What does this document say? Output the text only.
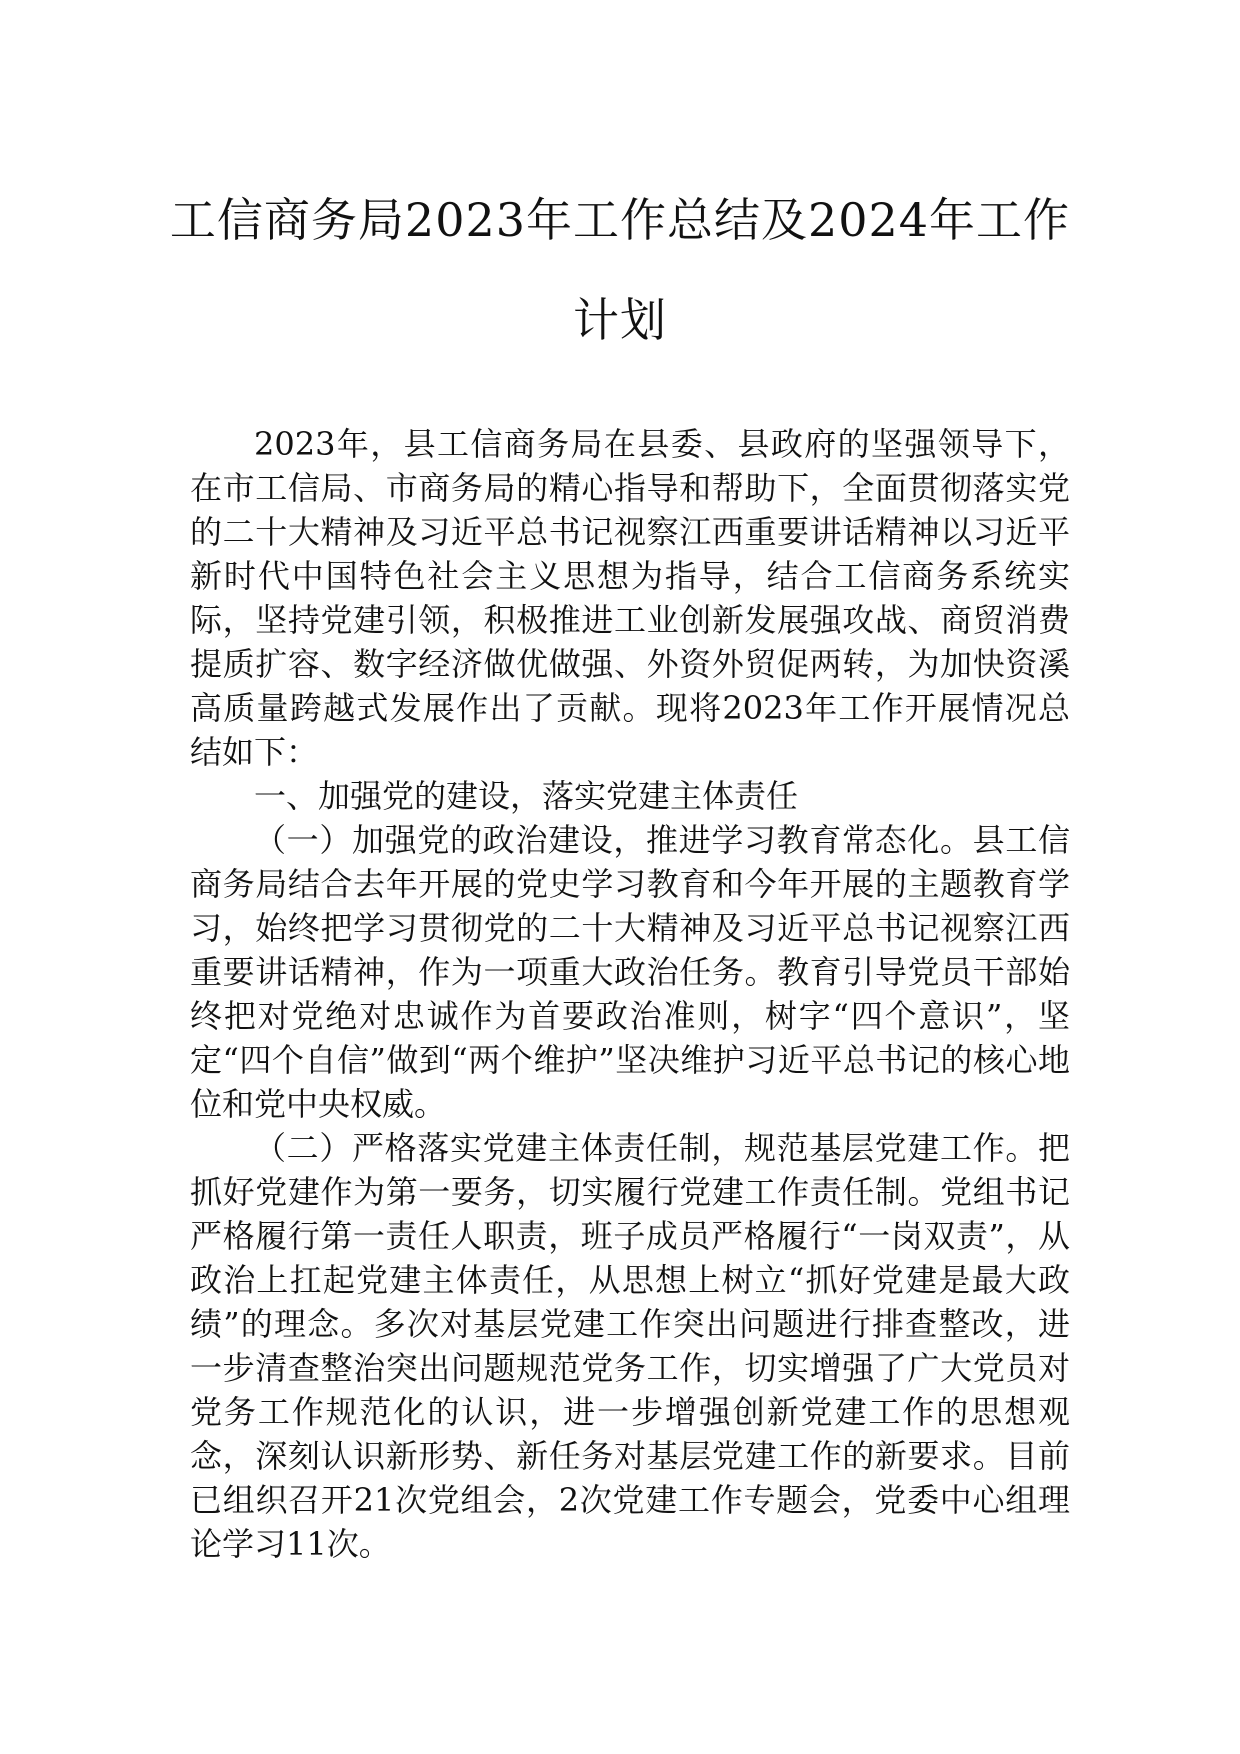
工信商务局2023年工作总结及2024年工作
计划

2023年，县工信商务局在县委、县政府的坚强领导下，在市工信局、市商务局的精心指导和帮助下，全面贯彻落实党的二十大精神及习近平总书记视察江西重要讲话精神以习近平新时代中国特色社会主义思想为指导，结合工信商务系统实际，坚持党建引领，积极推进工业创新发展强攻战、商贸消费提质扩容、数字经济做优做强、外资外贸促两转，为加快资溪高质量跨越式发展作出了贡献。现将2023年工作开展情况总结如下：

一、加强党的建设，落实党建主体责任

（一）加强党的政治建设，推进学习教育常态化。县工信商务局结合去年开展的党史学习教育和今年开展的主题教育学习，始终把学习贯彻党的二十大精神及习近平总书记视察江西重要讲话精神，作为一项重大政治任务。教育引导党员干部始终把对党绝对忠诚作为首要政治准则，树字“四个意识”，坚定“四个自信”做到“两个维护”坚决维护习近平总书记的核心地位和党中央权威。

（二）严格落实党建主体责任制，规范基层党建工作。把抓好党建作为第一要务，切实履行党建工作责任制。党组书记严格履行第一责任人职责，班子成员严格履行“一岗双责”，从政治上扛起党建主体责任，从思想上树立“抓好党建是最大政绩”的理念。多次对基层党建工作突出问题进行排查整改，进一步清查整治突出问题规范党务工作，切实增强了广大党员对党务工作规范化的认识，进一步增强创新党建工作的思想观念，深刻认识新形势、新任务对基层党建工作的新要求。目前已组织召开21次党组会，2次党建工作专题会，党委中心组理论学习11次。
